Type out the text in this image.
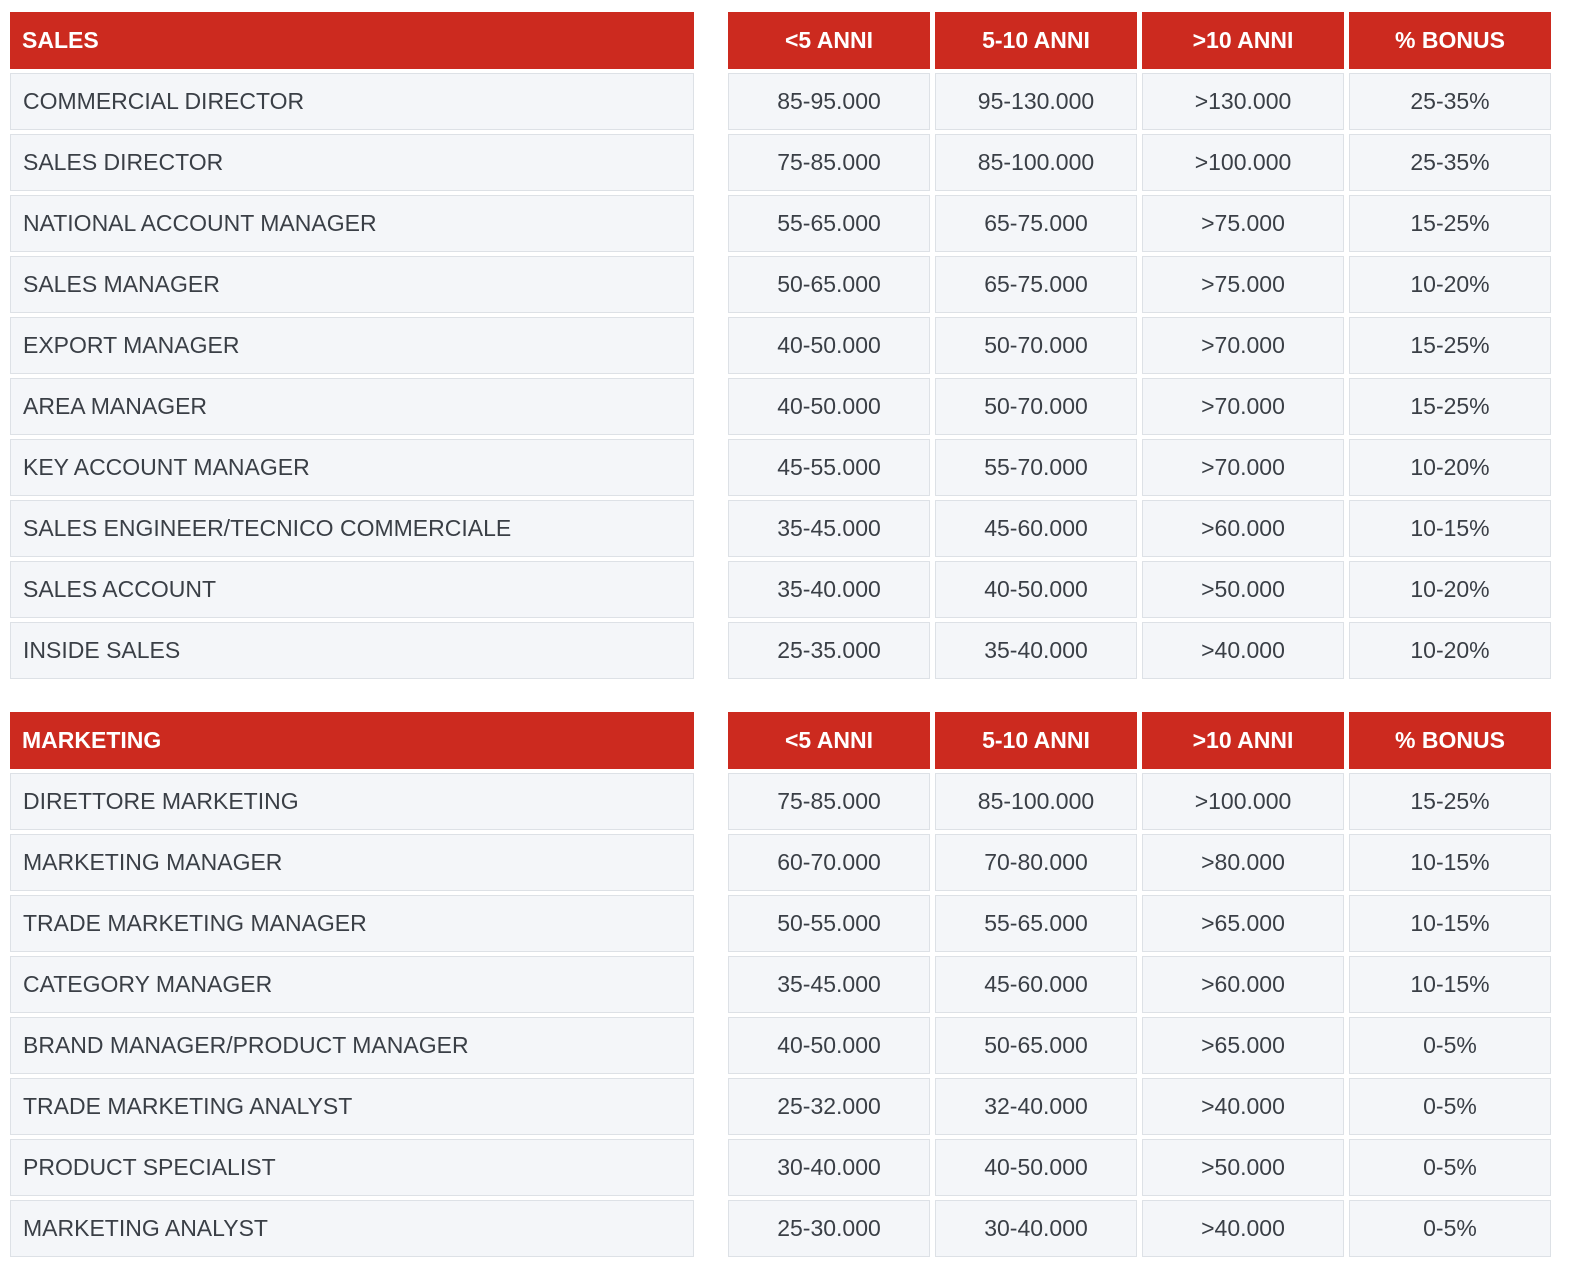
SALES	<5 ANNI	5-10 ANNI	>10 ANNI	% BONUS
COMMERCIAL DIRECTOR	85-95.000	95-130.000	>130.000	25-35%
SALES DIRECTOR	75-85.000	85-100.000	>100.000	25-35%
NATIONAL ACCOUNT MANAGER	55-65.000	65-75.000	>75.000	15-25%
SALES MANAGER	50-65.000	65-75.000	>75.000	10-20%
EXPORT MANAGER	40-50.000	50-70.000	>70.000	15-25%
AREA MANAGER	40-50.000	50-70.000	>70.000	15-25%
KEY ACCOUNT MANAGER	45-55.000	55-70.000	>70.000	10-20%
SALES ENGINEER/TECNICO COMMERCIALE	35-45.000	45-60.000	>60.000	10-15%
SALES ACCOUNT	35-40.000	40-50.000	>50.000	10-20%
INSIDE SALES	25-35.000	35-40.000	>40.000	10-20%
MARKETING	<5 ANNI	5-10 ANNI	>10 ANNI	% BONUS
DIRETTORE MARKETING	75-85.000	85-100.000	>100.000	15-25%
MARKETING MANAGER	60-70.000	70-80.000	>80.000	10-15%
TRADE MARKETING MANAGER	50-55.000	55-65.000	>65.000	10-15%
CATEGORY MANAGER	35-45.000	45-60.000	>60.000	10-15%
BRAND MANAGER/PRODUCT MANAGER	40-50.000	50-65.000	>65.000	0-5%
TRADE MARKETING ANALYST	25-32.000	32-40.000	>40.000	0-5%
PRODUCT SPECIALIST	30-40.000	40-50.000	>50.000	0-5%
MARKETING ANALYST	25-30.000	30-40.000	>40.000	0-5%
